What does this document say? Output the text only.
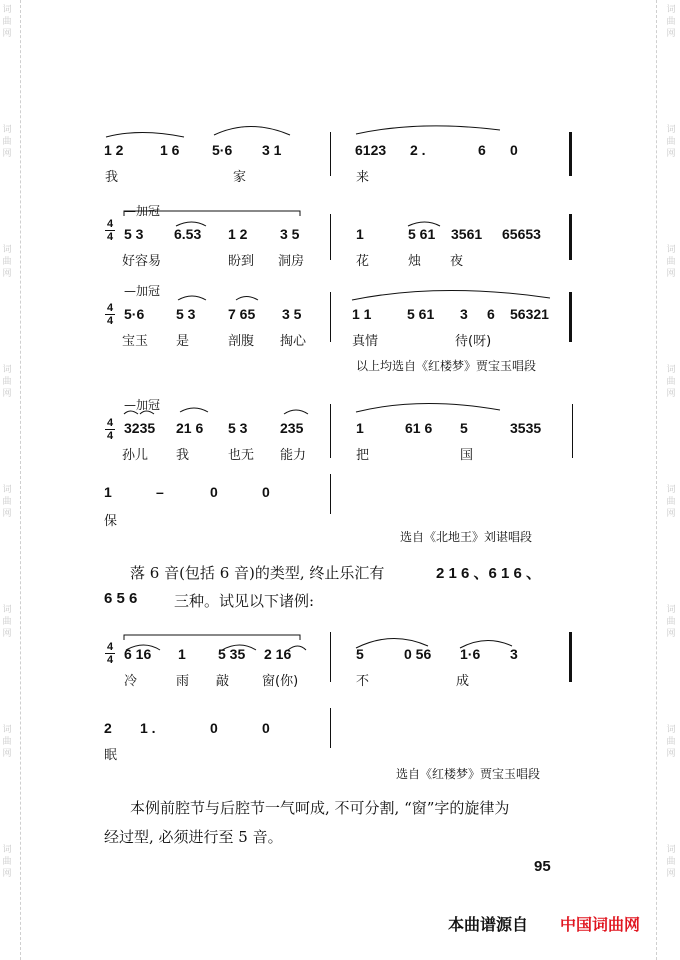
词曲网
词曲网
词曲网
词曲网
词曲网
词曲网
词曲网
词曲网
词曲网
词曲网
词曲网
词曲网
词曲网
词曲网
词曲网
词曲网
4
4
4
4
4
4
4
4
1 2	1 6 5·6 3 1	6123 2 .	6 0
我	家	来
—加冠
5 3 6.53 1 2 3 5	1	5 61 3561 65653
好容易	盼到 洞房	花	烛 夜
—加冠
5·6 5 3 7 65 3 5	1 1	5 61 3 6 56321
宝玉 是	剖腹 掏心	真情	待(呀)
—加冠
3235 21 6 5 3 235	1	61 6 5	3535
孙儿 我	也无 能力	把	国
1	–	0	0
保
6 16 1 5 35 2 16	5	0 56 1·6 3
冷	雨 敲	窗(你)	不	成
2 1 .	0	0
眠
以上均选自《红楼梦》贾宝玉唱段
选自《北地王》刘谌唱段
选自《红楼梦》贾宝玉唱段
落 6 音(包括 6 音)的类型, 终止乐汇有	2 1 6 、6 1 6 、
6 5 6 三种。试见以下诸例:
本例前腔节与后腔节一气呵成, 不可分割, “窗”字的旋律为
经过型, 必须进行至 5 音。
95
本曲谱源自 中国词曲网
